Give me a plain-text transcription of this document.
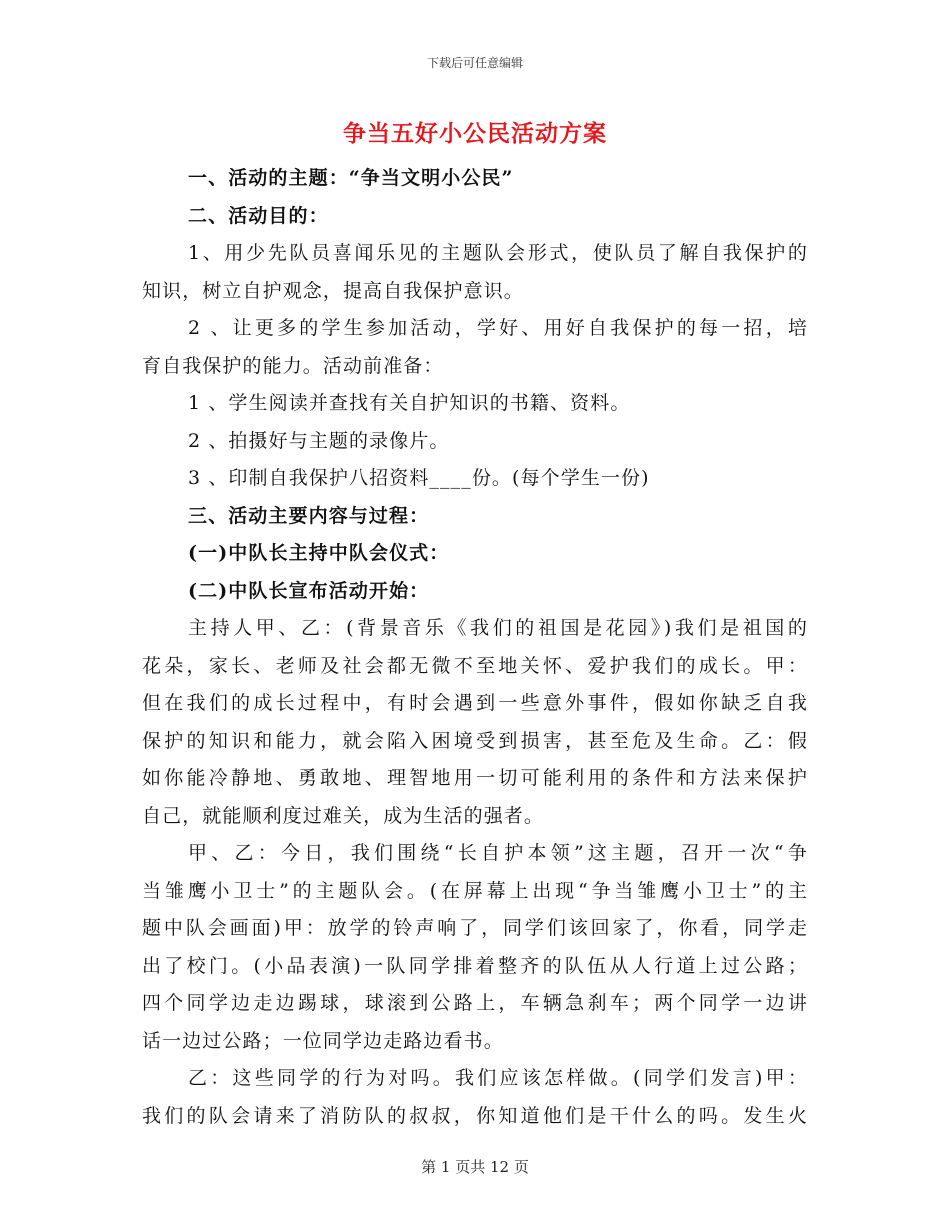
下载后可任意编辑
争当五好小公民活动方案
一、活动的主题：“争当文明小公民”
二、活动目的：
1、用少先队员喜闻乐见的主题队会形式，使队员了解自我保护的
知识，树立自护观念，提高自我保护意识。
2 、让更多的学生参加活动，学好、用好自我保护的每一招，培
育自我保护的能力。活动前准备：
1 、学生阅读并查找有关自护知识的书籍、资料。
2 、拍摄好与主题的录像片。
3 、印制自我保护八招资料____份。(每个学生一份)
三、活动主要内容与过程：
(一)中队长主持中队会仪式：
(二)中队长宣布活动开始：
主持人甲、乙：(背景音乐《我们的祖国是花园》)我们是祖国的
花朵，家长、老师及社会都无微不至地关怀、爱护我们的成长。甲：
但在我们的成长过程中，有时会遇到一些意外事件，假如你缺乏自我
保护的知识和能力，就会陷入困境受到损害，甚至危及生命。乙：假
如你能冷静地、勇敢地、理智地用一切可能利用的条件和方法来保护
自己，就能顺利度过难关，成为生活的强者。
甲、乙：今日，我们围绕“长自护本领”这主题，召开一次“争
当雏鹰小卫士”的主题队会。(在屏幕上出现“争当雏鹰小卫士”的主
题中队会画面)甲：放学的铃声响了，同学们该回家了，你看，同学走
出了校门。(小品表演)一队同学排着整齐的队伍从人行道上过公路；
四个同学边走边踢球，球滚到公路上，车辆急刹车；两个同学一边讲
话一边过公路；一位同学边走路边看书。
乙：这些同学的行为对吗。我们应该怎样做。(同学们发言)甲：
我们的队会请来了消防队的叔叔，你知道他们是干什么的吗。发生火
第 1 页共 12 页
